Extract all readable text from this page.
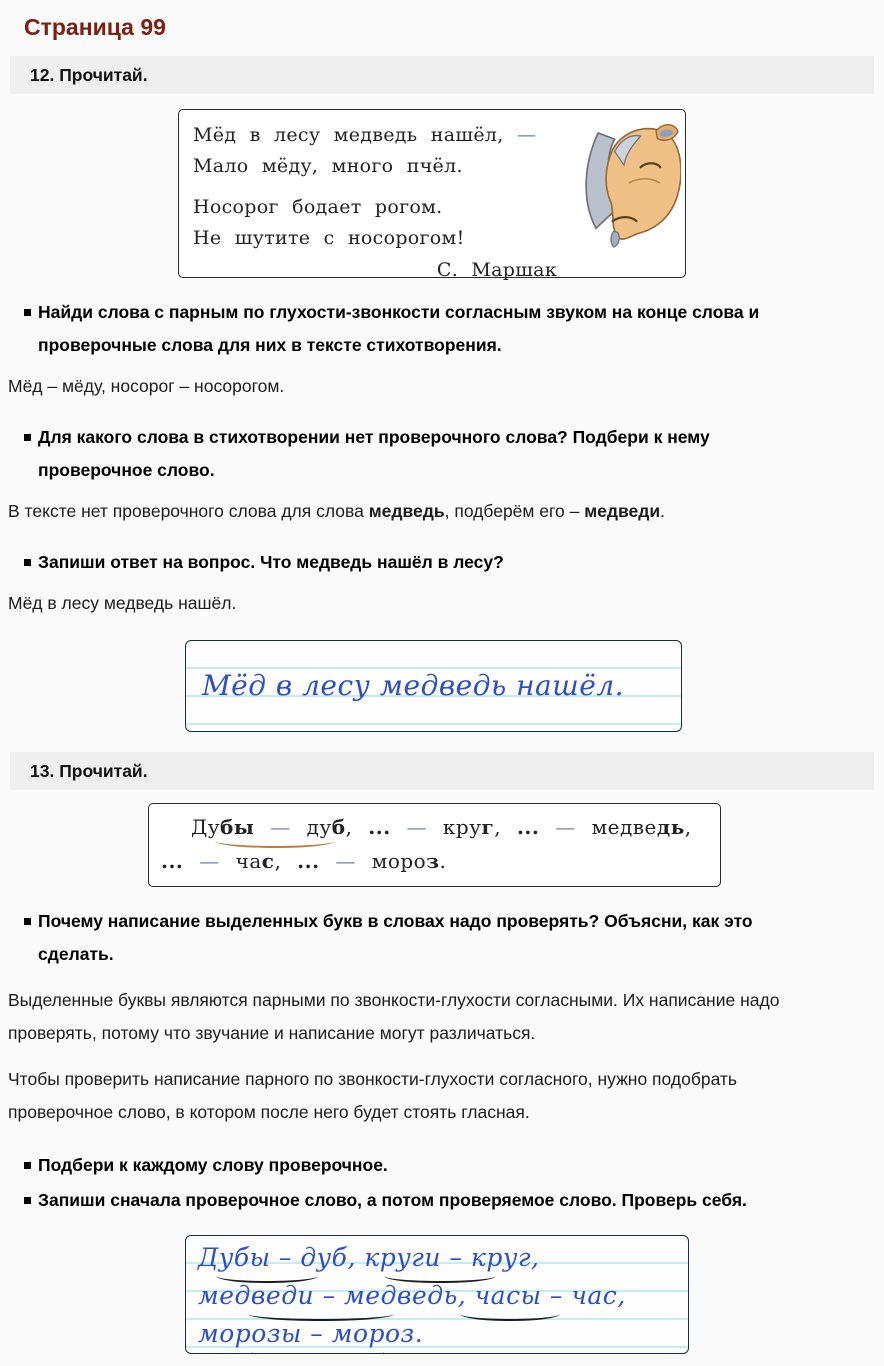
Страница 99
12. Прочитай.
Мёд в лесу медведь нашёл, —
Мало мёду, много пчёл.
Носорог бодает рогом.
Не шутите с носорогом!
С. Маршак
Найди слова с парным по глухости-звонкости согласным звуком на конце слова и проверочные слова для них в тексте стихотворения.

Мёд – мёду, носорог – носорогом.

Для какого слова в стихотворении нет проверочного слова? Подбери к нему проверочное слово.

В тексте нет проверочного слова для слова медведь, подберём его – медведи.

Запиши ответ на вопрос. Что медведь нашёл в лесу?

Мёд в лесу медведь нашёл.

Мёд в лесу медведь нашёл.
13. Прочитай.
Дубы — дуб, ... — круг, ... — медведь,
... — час, ... — мороз.
Почему написание выделенных букв в словах надо проверять? Объясни, как это сделать.

Выделенные буквы являются парными по звонкости-глухости согласными. Их написание надо проверять, потому что звучание и написание могут различаться.

Чтобы проверить написание парного по звонкости-глухости согласного, нужно подобрать проверочное слово, в котором после него будет стоять гласная.

Подбери к каждому слову проверочное.
Запиши сначала проверочное слово, а потом проверяемое слово. Проверь себя.
Дубы – дуб, круги – круг,
медведи – медведь, часы – час,
морозы – мороз.
